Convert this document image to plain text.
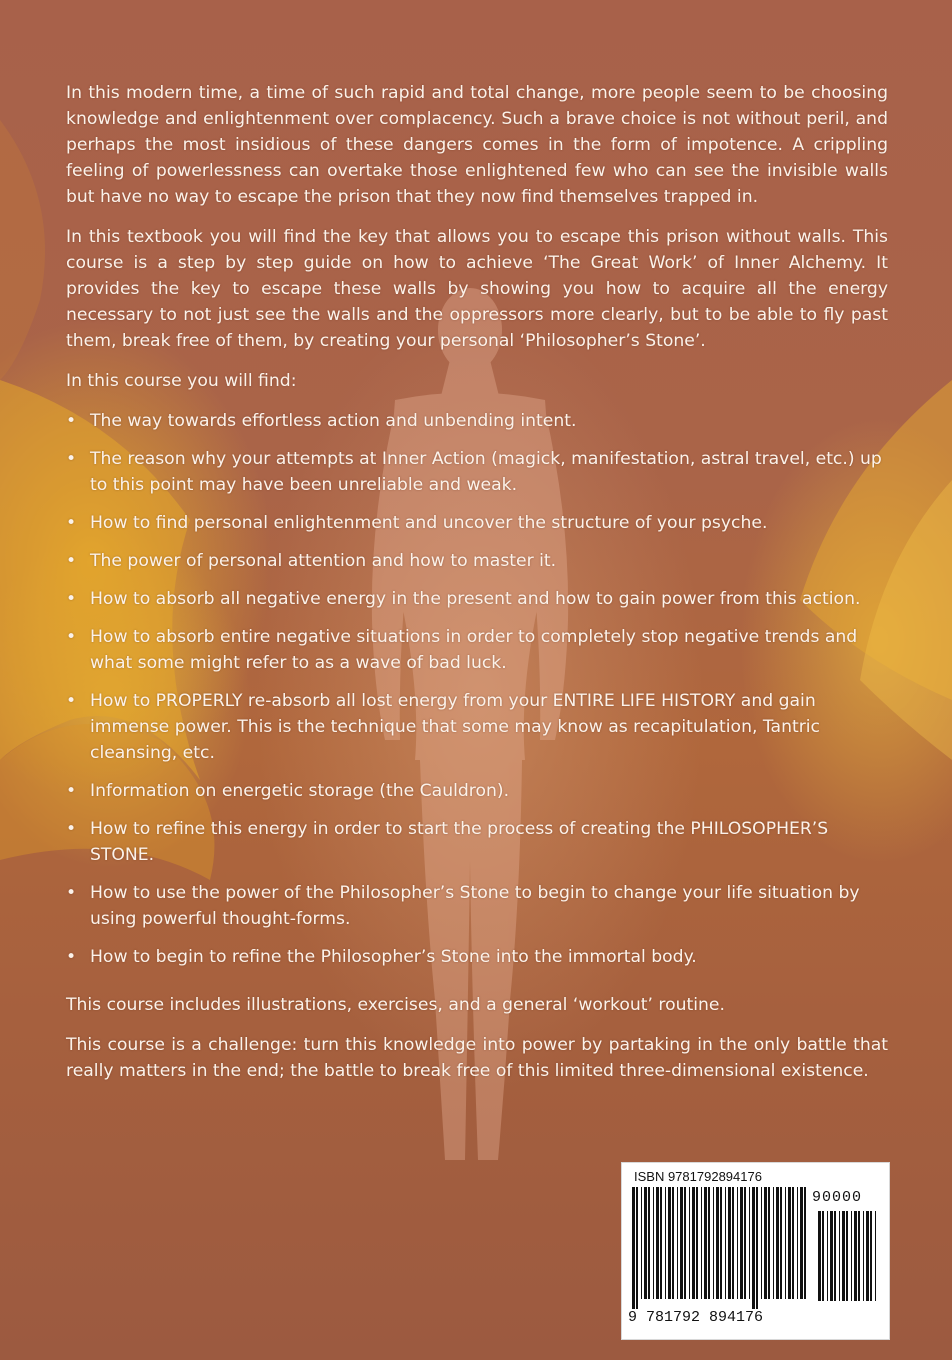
In this modern time, a time of such rapid and total change, more people seem to be choosing knowledge and enlightenment over complacency. Such a brave choice is not without peril, and perhaps the most insidious of these dangers comes in the form of impotence. A crippling feeling of powerlessness can overtake those enlightened few who can see the invisible walls but have no way to escape the prison that they now find themselves trapped in.

In this textbook you will find the key that allows you to escape this prison without walls. This course is a step by step guide on how to achieve ‘The Great Work’ of Inner Alchemy. It provides the key to escape these walls by showing you how to acquire all the energy necessary to not just see the walls and the oppressors more clearly, but to be able to fly past them, break free of them, by creating your personal ‘Philosopher’s Stone’.

In this course you will find:

• The way towards effortless action and unbending intent.
• The reason why your attempts at Inner Action (magick, manifestation, astral travel, etc.) up to this point may have been unreliable and weak.
• How to find personal enlightenment and uncover the structure of your psyche.
• The power of personal attention and how to master it.
• How to absorb all negative energy in the present and how to gain power from this action.
• How to absorb entire negative situations in order to completely stop negative trends and what some might refer to as a wave of bad luck.
• How to PROPERLY re-absorb all lost energy from your ENTIRE LIFE HISTORY and gain immense power. This is the technique that some may know as recapitulation, Tantric cleansing, etc.
• Information on energetic storage (the Cauldron).
• How to refine this energy in order to start the process of creating the PHILOSOPHER’S STONE.
• How to use the power of the Philosopher’s Stone to begin to change your life situation by using powerful thought-forms.
• How to begin to refine the Philosopher’s Stone into the immortal body.

This course includes illustrations, exercises, and a general ‘workout’ routine.

This course is a challenge: turn this knowledge into power by partaking in the only battle that really matters in the end; the battle to break free of this limited three-dimensional existence.

ISBN 9781792894176
90000
9 781792 894176
